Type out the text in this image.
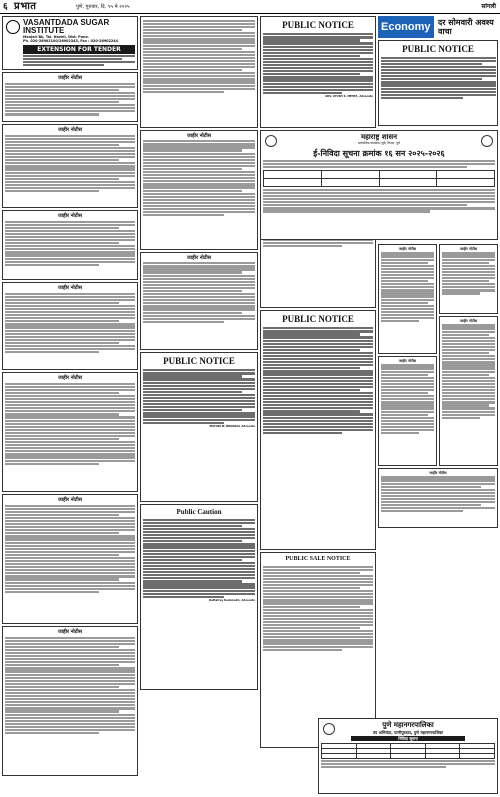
६ प्रभात	पुणे, गुरुवार, दि. १५ मे २०२५	सांगली
VASANTDADA SUGAR INSTITUTE
Manjari Bk, Tal. Haveli, Dist. Pune.
Ph. 020-26902100/26902343, Fax : 020-26902244
EXTENSION FOR TENDER
जाहीर नोटीस
जाहीर नोटीस
जाहीर नोटीस
जाहीर नोटीस
जाहीर नोटीस
जाहीर नोटीस
जाहीर नोटीस
जाहीर नोटीस
जाहीर नोटीस
PUBLIC NOTICE
MAYURI M. BHONGAL Advocate
Public Caution
Dattatray Deshmukh, Advocate
PUBLIC NOTICE
ADV. AYUSH S. MEHTA, Advocate
PUBLIC NOTICE
PUBLIC SALE NOTICE
महाराष्ट्र शासन
सार्वजनिक बांधकाम (पूर्व) विभाग, पुणे
ई-निविदा सूचना क्रमांक १६ सन २०२५-२०२६

Economy दर सोमवारी अवश्य वाचा
PUBLIC NOTICE
जाहीर नोटीस
जाहीर नोटीस
जाहीर नोटीस
जाहीर नोटीस
जाहीर नोटीस
पुणे महानगरपालिका
उप अभियंता, पाणीपुरवठा, पुणे महानगरपालिका
निविदा सूचना
